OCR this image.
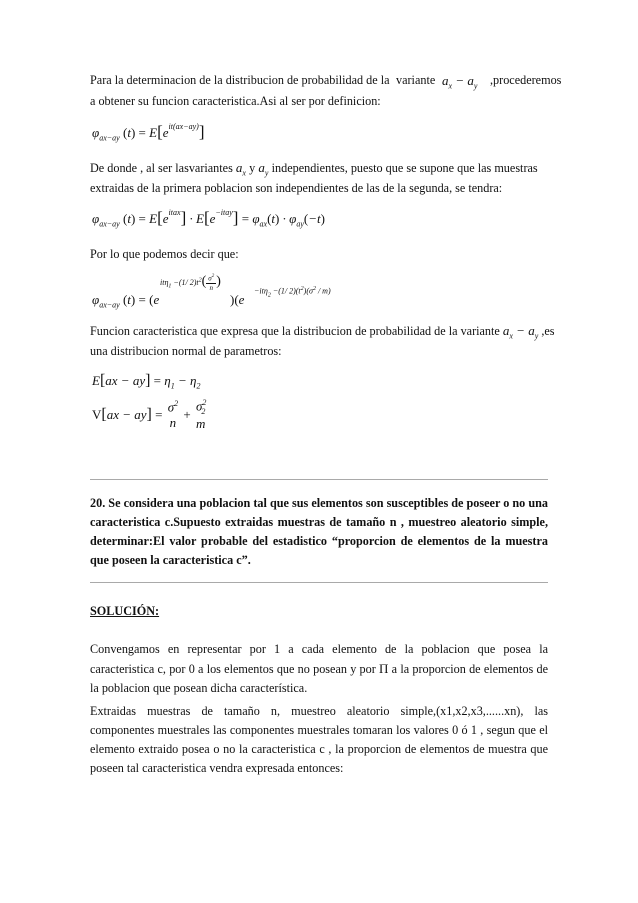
Para la determinacion de la distribucion de probabilidad de la variante $a_x - a_y$ ,procederemos
a obtener su funcion caracteristica.Asi al ser por definicion:
$\varphi_{ax-ay}$ $(t) = E[e^{it(ax-ay)}]$
De donde , al ser lasvariantes $a_x$ y $a_y$ independientes, puesto que se supone que las muestras
extraidas de la primera poblacion son independientes de las de la segunda, se tendra:
$\varphi_{ax-ay}$ $(t) = E[e^{itax}] \cdot E[e^{-itay}] = \varphi_{ax}(t) \cdot \varphi_{ay}(-t)$
Por lo que podemos decir que:
$\varphi_{ax-ay}$ (t) = (e
itη$_1$ −(1/ $2)t^2( \frac{\sigma^2}{n}$ )
)(e
−itη$_2$ −(1/ $2)(t^2)(\sigma^2 / m)$
Funcion caracteristica que expresa que la distribucion de probabilidad de la variante $a_x - a_y$ ,es
una distribucion normal de parametros:
$E[ax - ay] = \eta_1 - \eta_2$
V[ax − ay] =
$\sigma^2$
n
+
$\sigma^2_2$
m
20. Se considera una poblacion tal que sus elementos son susceptibles de poseer o no una caracteristica c.Supuesto extraidas muestras de tamaño n , muestreo aleatorio simple, determinar:El valor probable del estadistico “proporcion de elementos de la muestra que poseen la caracteristica c”.
SOLUCIÓN:
Convengamos en representar por 1 a cada elemento de la poblacion que posea la caracteristica c, por 0 a los elementos que no posean y por Π a la proporcion de elementos de la poblacion que posean dicha característica.
Extraidas muestras de tamaño n, muestreo aleatorio simple,(x1,x2,x3,......xn), las componentes muestrales las componentes muestrales tomaran los valores 0 ó 1 , segun que el elemento extraido posea o no la caracteristica c , la proporcion de elementos de muestra que poseen tal caracteristica vendra expresada entonces:
